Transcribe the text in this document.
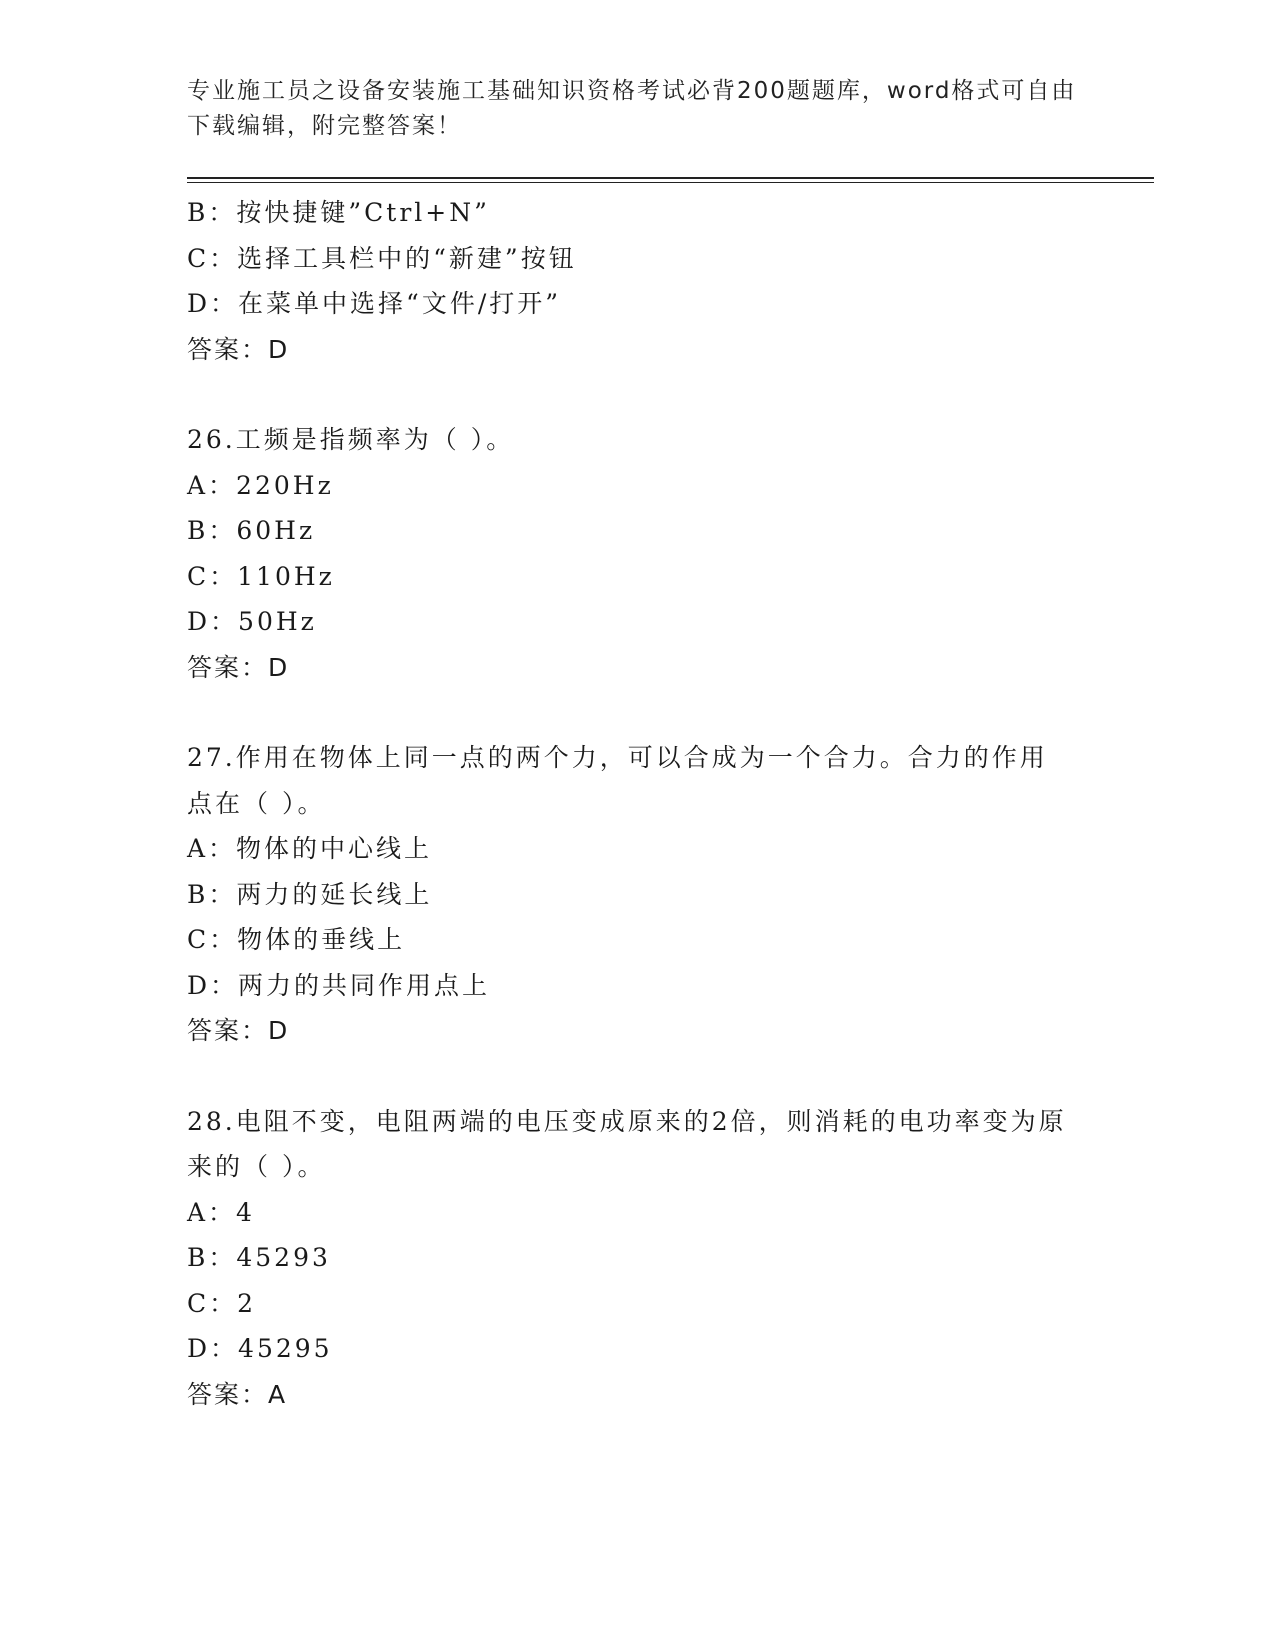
专业施工员之设备安装施工基础知识资格考试必背200题题库，word格式可自由下载编辑，附完整答案！
B：按快捷键”Ctrl+N”
C：选择工具栏中的“新建”按钮
D：在菜单中选择“文件/打开”
答案：D
26.工频是指频率为（ ）。
A：220Hz
B：60Hz
C：110Hz
D：50Hz
答案：D
27.作用在物体上同一点的两个力，可以合成为一个合力。合力的作用点在（ ）。
A：物体的中心线上
B：两力的延长线上
C：物体的垂线上
D：两力的共同作用点上
答案：D
28.电阻不变，电阻两端的电压变成原来的2倍，则消耗的电功率变为原来的（ ）。
A：4
B：45293
C：2
D：45295
答案：A
